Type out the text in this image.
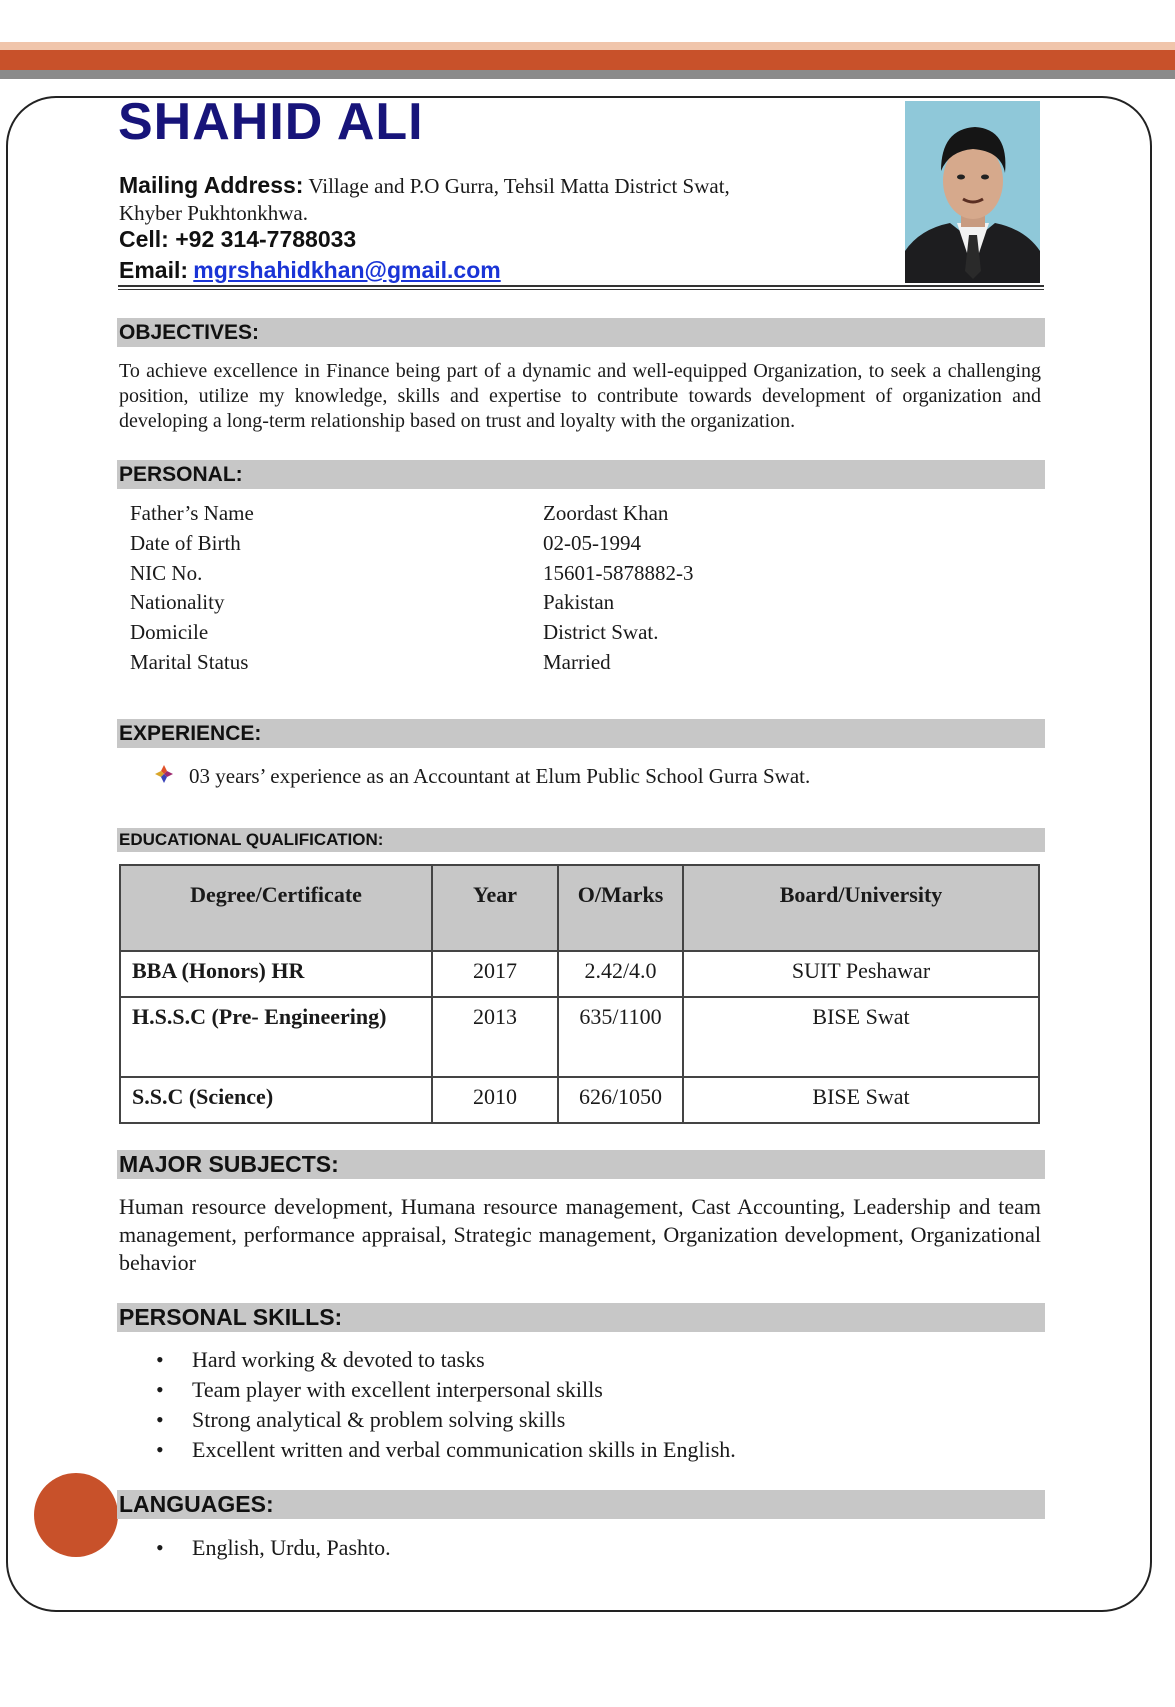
SHAHID ALI
Mailing Address: Village and P.O Gurra, Tehsil Matta District Swat,
Khyber Pukhtonkhwa.
Cell: +92 314-7788033
Email: mgrshahidkhan@gmail.com
OBJECTIVES:

To achieve excellence in Finance being part of a dynamic and well-equipped Organization, to seek a challenging position, utilize my knowledge, skills and expertise to contribute towards development of organization and developing a long-term relationship based on trust and loyalty with the organization.

PERSONAL:
Father’s Name	Zoordast Khan
Date of Birth	02-05-1994
NIC No.	15601-5878882-3
Nationality	Pakistan
Domicile	District Swat.
Marital Status	Married
EXPERIENCE:
03 years’ experience as an Accountant at Elum Public School Gurra Swat.
EDUCATIONAL QUALIFICATION:
Degree/Certificate	Year	O/Marks	Board/University
BBA (Honors) HR	2017	2.42/4.0	SUIT Peshawar
H.S.S.C (Pre- Engineering)	2013	635/1100	BISE Swat
S.S.C (Science)	2010	626/1050	BISE Swat
MAJOR SUBJECTS:

Human resource development, Humana resource management, Cast Accounting, Leadership and team management, performance appraisal, Strategic management, Organization development, Organizational behavior

PERSONAL SKILLS:
• Hard working & devoted to tasks
• Team player with excellent interpersonal skills
• Strong analytical & problem solving skills
• Excellent written and verbal communication skills in English.
LANGUAGES:
• English, Urdu, Pashto.
